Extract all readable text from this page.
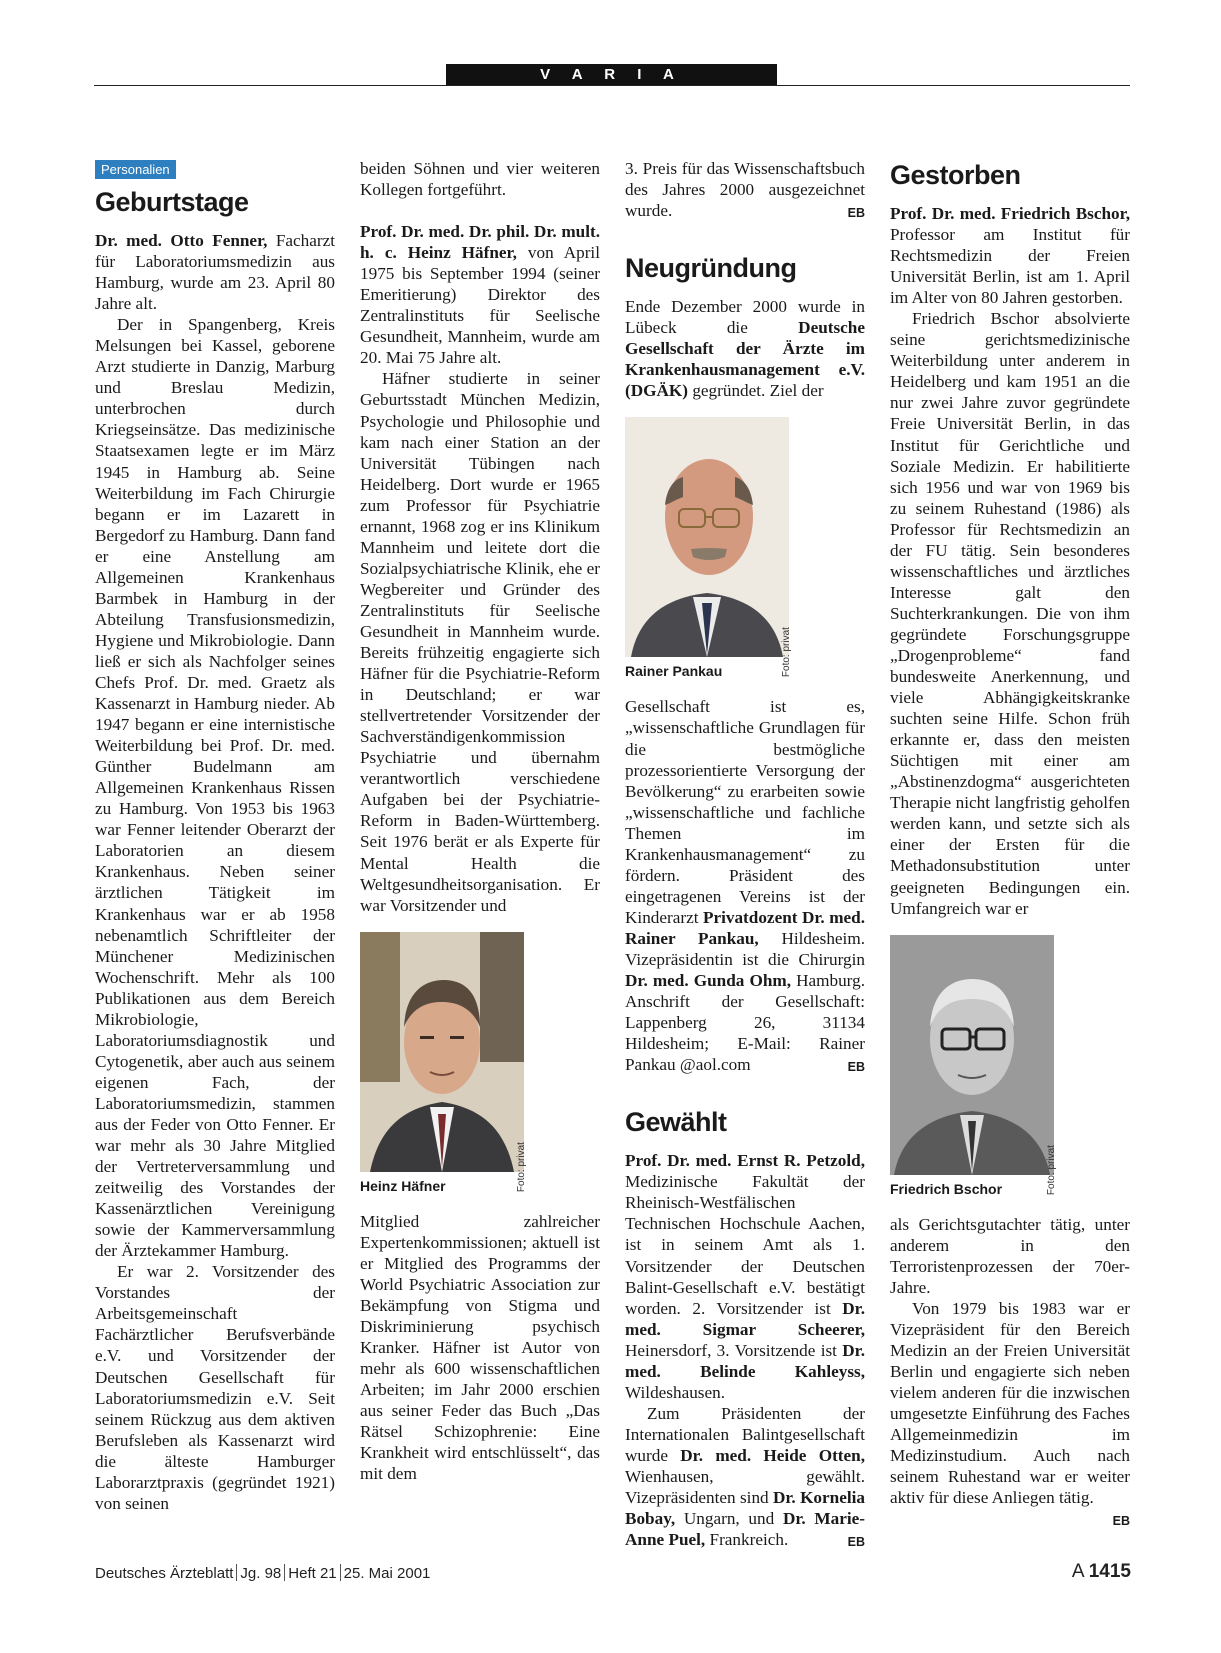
V A R I A
Personalien
Geburtstage

Dr. med. Otto Fenner, Facharzt für Laboratoriumsmedizin aus Hamburg, wurde am 23. April 80 Jahre alt.

Der in Spangenberg, Kreis Melsungen bei Kassel, geborene Arzt studierte in Danzig, Marburg und Breslau Medizin, unterbrochen durch Kriegseinsätze. Das medizinische Staatsexamen legte er im März 1945 in Hamburg ab. Seine Weiterbildung im Fach Chirurgie begann er im Lazarett in Bergedorf zu Hamburg. Dann fand er eine Anstellung am Allgemeinen Krankenhaus Barmbek in Hamburg in der Abteilung Transfusionsmedizin, Hygiene und Mikrobiologie. Dann ließ er sich als Nachfolger seines Chefs Prof. Dr. med. Graetz als Kassenarzt in Hamburg nieder. Ab 1947 begann er eine internistische Weiterbildung bei Prof. Dr. med. Günther Budelmann am Allgemeinen Krankenhaus Rissen zu Hamburg. Von 1953 bis 1963 war Fenner leitender Oberarzt der Laboratorien an diesem Krankenhaus. Neben seiner ärztlichen Tätigkeit im Krankenhaus war er ab 1958 nebenamtlich Schriftleiter der Münchener Medizinischen Wochenschrift. Mehr als 100 Publikationen aus dem Bereich Mikrobiologie, Laboratoriumsdiagnostik und Cytogenetik, aber auch aus seinem eigenen Fach, der Laboratoriumsmedizin, stammen aus der Feder von Otto Fenner. Er war mehr als 30 Jahre Mitglied der Vertreterversammlung und zeitweilig des Vorstandes der Kassenärztlichen Vereinigung sowie der Kammerversammlung der Ärztekammer Hamburg.

Er war 2. Vorsitzender des Vorstandes der Arbeitsgemeinschaft Fachärztlicher Berufsverbände e.V. und Vorsitzender der Deutschen Gesellschaft für Laboratoriumsmedizin e.V. Seit seinem Rückzug aus dem aktiven Berufsleben als Kassenarzt wird die älteste Hamburger Laborarztpraxis (gegründet 1921) von seinen

beiden Söhnen und vier weiteren Kollegen fortgeführt.

Prof. Dr. med. Dr. phil. Dr. mult. h. c. Heinz Häfner, von April 1975 bis September 1994 (seiner Emeritierung) Direktor des Zentralinstituts für Seelische Gesundheit, Mannheim, wurde am 20. Mai 75 Jahre alt.

Häfner studierte in seiner Geburtsstadt München Medizin, Psychologie und Philosophie und kam nach einer Station an der Universität Tübingen nach Heidelberg. Dort wurde er 1965 zum Professor für Psychiatrie ernannt, 1968 zog er ins Klinikum Mannheim und leitete dort die Sozialpsychiatrische Klinik, ehe er Wegbereiter und Gründer des Zentralinstituts für Seelische Gesundheit in Mannheim wurde. Bereits frühzeitig engagierte sich Häfner für die Psychiatrie-Reform in Deutschland; er war stellvertretender Vorsitzender der Sachverständigenkommission Psychiatrie und übernahm verantwortlich verschiedene Aufgaben bei der Psychiatrie-Reform in Baden-Württemberg. Seit 1976 berät er als Experte für Mental Health die Weltgesundheitsorganisation. Er war Vorsitzender und

Foto: privat
Heinz Häfner

Mitglied zahlreicher Expertenkommissionen; aktuell ist er Mitglied des Programms der World Psychiatric Association zur Bekämpfung von Stigma und Diskriminierung psychisch Kranker. Häfner ist Autor von mehr als 600 wissenschaftlichen Arbeiten; im Jahr 2000 erschien aus seiner Feder das Buch „Das Rätsel Schizophrenie: Eine Krankheit wird entschlüsselt“, das mit dem

3. Preis für das Wissenschaftsbuch des Jahres 2000 ausgezeichnet wurde.	EB

Neugründung

Ende Dezember 2000 wurde in Lübeck die Deutsche Gesellschaft der Ärzte im Krankenhausmanagement e.V. (DGÄK) gegründet. Ziel der

Foto: privat
Rainer Pankau

Gesellschaft ist es, „wissenschaftliche Grundlagen für die bestmögliche prozessorientierte Versorgung der Bevölkerung“ zu erarbeiten sowie „wissenschaftliche und fachliche Themen im Krankenhausmanagement“ zu fördern. Präsident des eingetragenen Vereins ist der Kinderarzt Privatdozent Dr. med. Rainer Pankau, Hildesheim. Vizepräsidentin ist die Chirurgin Dr. med. Gunda Ohm, Hamburg. Anschrift der Gesellschaft: Lappenberg 26, 31134 Hildesheim; E-Mail: Rainer Pankau @aol.com	EB

Gewählt

Prof. Dr. med. Ernst R. Petzold, Medizinische Fakultät der Rheinisch-Westfälischen Technischen Hochschule Aachen, ist in seinem Amt als 1. Vorsitzender der Deutschen Balint-Gesellschaft e.V. bestätigt worden. 2. Vorsitzender ist Dr. med. Sigmar Scheerer, Heinersdorf, 3. Vorsitzende ist Dr. med. Belinde Kahleyss, Wildeshausen.

Zum Präsidenten der Internationalen Balintgesellschaft wurde Dr. med. Heide Otten, Wienhausen, gewählt. Vizepräsidenten sind Dr. Kornelia Bobay, Ungarn, und Dr. Marie-Anne Puel, Frankreich.	EB

Gestorben

Prof. Dr. med. Friedrich Bschor, Professor am Institut für Rechtsmedizin der Freien Universität Berlin, ist am 1. April im Alter von 80 Jahren gestorben.

Friedrich Bschor absolvierte seine gerichtsmedizinische Weiterbildung unter anderem in Heidelberg und kam 1951 an die nur zwei Jahre zuvor gegründete Freie Universität Berlin, in das Institut für Gerichtliche und Soziale Medizin. Er habilitierte sich 1956 und war von 1969 bis zu seinem Ruhestand (1986) als Professor für Rechtsmedizin an der FU tätig. Sein besonderes wissenschaftliches und ärztliches Interesse galt den Suchterkrankungen. Die von ihm gegründete Forschungsgruppe „Drogenprobleme“ fand bundesweite Anerkennung, und viele Abhängigkeitskranke suchten seine Hilfe. Schon früh erkannte er, dass den meisten Süchtigen mit einer am „Abstinenzdogma“ ausgerichteten Therapie nicht langfristig geholfen werden kann, und setzte sich als einer der Ersten für die Methadonsubstitution unter geeigneten Bedingungen ein. Umfangreich war er

Foto: privat
Friedrich Bschor

als Gerichtsgutachter tätig, unter anderem in den Terroristenprozessen der 70er-Jahre.

Von 1979 bis 1983 war er Vizepräsident für den Bereich Medizin an der Freien Universität Berlin und engagierte sich neben vielem anderen für die inzwischen umgesetzte Einführung des Faches Allgemeinmedizin im Medizinstudium. Auch nach seinem Ruhestand war er weiter aktiv für diese Anliegen tätig.
EB

Deutsches Ärzteblatt Jg. 98 Heft 21 25. Mai 2001	A 1415
